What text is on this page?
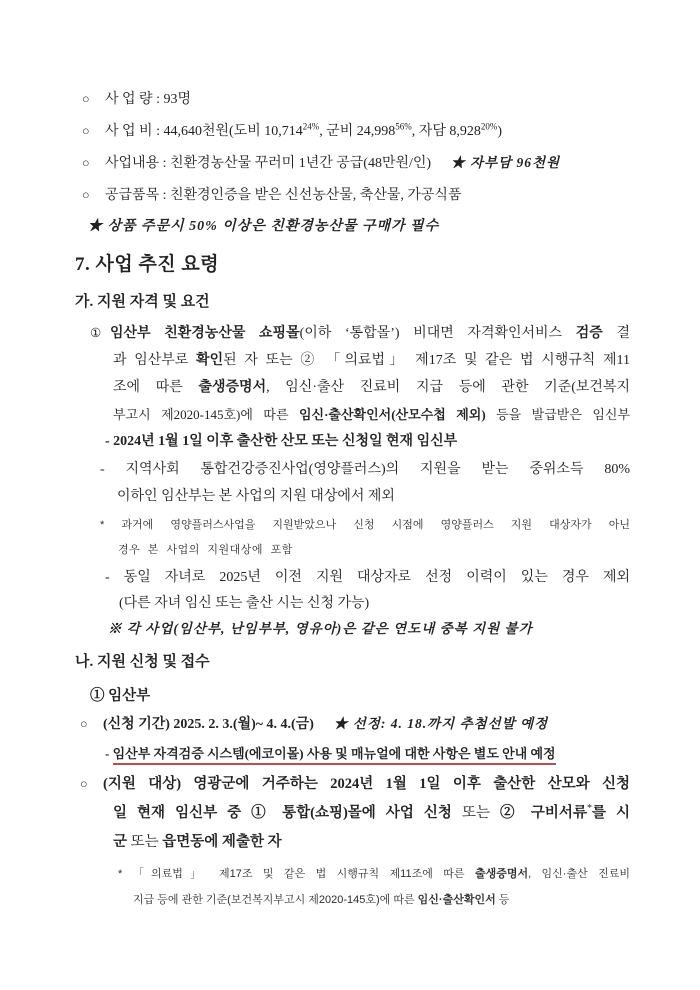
○ 사 업 량 : 93명
○ 사 업 비 : 44,640천원(도비 $10,714^{24\%}$, 군비 $24,998^{56\%}$, 자담 $8,928^{20\%}$)
○ 사업내용 : 친환경농산물 꾸러미 1년간 공급(48만원/인) ★ 자부담 96천원
○ 공급품목 : 친환경인증을 받은 신선농산물, 축산물, 가공식품
★ 상품 주문시 50% 이상은 친환경농산물 구매가 필수
7. 사업 추진 요령
가. 지원 자격 및 요건
① 임산부 친환경농산물 쇼핑몰(이하 ‘통합몰’) 비대면 자격확인서비스 검증 결
과 임산부로 확인된 자 또는 ② 「의료법」 제17조 및 같은 법 시행규칙 제11
조에 따른 출생증명서, 임신·출산 진료비 지급 등에 관한 기준(보건복지
부고시 제2020-145호)에 따른 임신·출산확인서(산모수첩 제외) 등을 발급받은 임신부
- 2024년 1월 1일 이후 출산한 산모 또는 신청일 현재 임신부
- 지역사회 통합건강증진사업(영양플러스)의 지원을 받는 중위소득 80%
이하인 임산부는 본 사업의 지원 대상에서 제외
* 과거에 영양플러스사업을 지원받았으나 신청 시점에 영양플러스 지원 대상자가 아닌
경우 본 사업의 지원대상에 포함
- 동일 자녀로 2025년 이전 지원 대상자로 선정 이력이 있는 경우 제외
(다른 자녀 임신 또는 출산 시는 신청 가능)
※ 각 사업(임산부, 난임부부, 영유아)은 같은 연도내 중복 지원 불가
나. 지원 신청 및 접수
① 임산부
○ (신청 기간) 2025. 2. 3.(월)~ 4. 4.(금) ★ 선정: 4. 18.까지 추첨선발 예정
- 임산부 자격검증 시스템(에코이몰) 사용 및 매뉴얼에 대한 사항은 별도 안내 예정
○ (지원 대상) 영광군에 거주하는 2024년 1월 1일 이후 출산한 산모와 신청
일 현재 임신부 중 ① 통합(쇼핑)몰에 사업 신청 또는 ② 구비서류*를 시
군 또는 읍면동에 제출한 자
* 「의료법」 제17조 및 같은 법 시행규칙 제11조에 따른 출생증명서, 임신·출산 진료비
지급 등에 관한 기준(보건복지부고시 제2020-145호)에 따른 임신·출산확인서 등
